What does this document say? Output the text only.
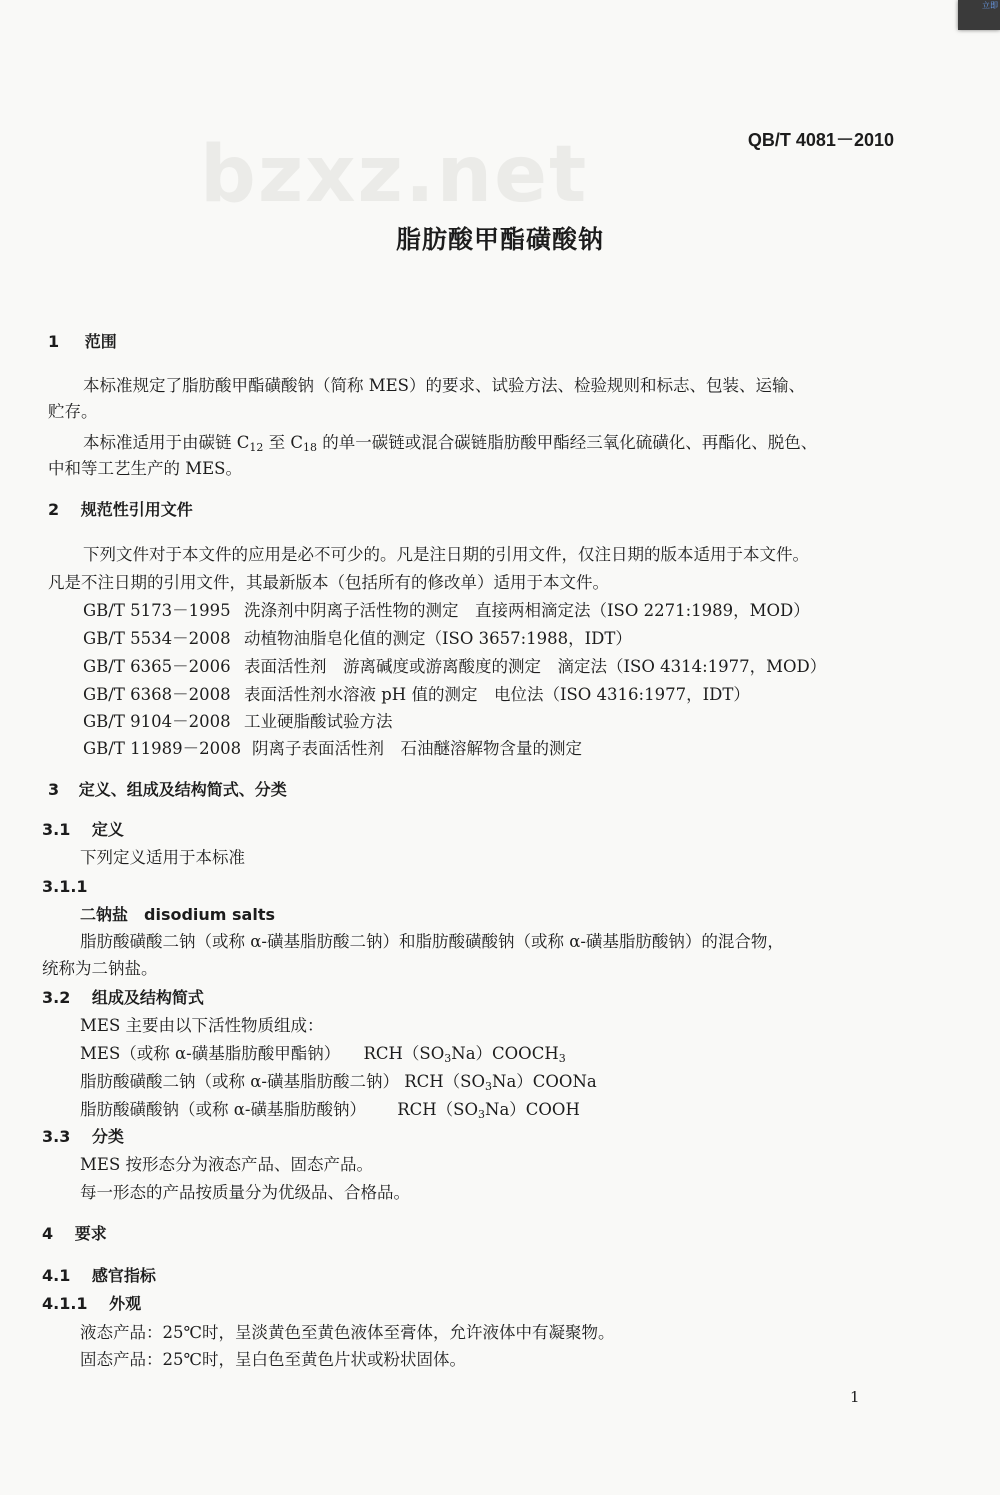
立即
bzxz.net	QB/T 4081－2010
脂肪酸甲酯磺酸钠
1 范围
本标准规定了脂肪酸甲酯磺酸钠（简称 MES）的要求、试验方法、检验规则和标志、包装、运输、
贮存。
本标准适用于由碳链 $C_{12}$ 至 $C_{18}$ 的单一碳链或混合碳链脂肪酸甲酯经三氧化硫磺化、再酯化、脱色、
中和等工艺生产的 MES。
2 规范性引用文件
下列文件对于本文件的应用是必不可少的。凡是注日期的引用文件，仅注日期的版本适用于本文件。
凡是不注日期的引用文件，其最新版本（包括所有的修改单）适用于本文件。
GB/T 5173－1995 洗涤剂中阴离子活性物的测定　直接两相滴定法（ISO 2271:1989，MOD）
GB/T 5534－2008 动植物油脂皂化值的测定（ISO 3657:1988，IDT）
GB/T 6365－2006 表面活性剂　游离碱度或游离酸度的测定　滴定法（ISO 4314:1977，MOD）
GB/T 6368－2008 表面活性剂水溶液 pH 值的测定　电位法（ISO 4316:1977，IDT）
GB/T 9104－2008 工业硬脂酸试验方法
GB/T 11989－2008 阴离子表面活性剂　石油醚溶解物含量的测定
3 定义、组成及结构简式、分类
3.1 定义
下列定义适用于本标准
3.1.1
二钠盐　disodium salts
脂肪酸磺酸二钠（或称 α-磺基脂肪酸二钠）和脂肪酸磺酸钠（或称 α-磺基脂肪酸钠）的混合物，
统称为二钠盐。
3.2 组成及结构简式
MES 主要由以下活性物质组成：
MES（或称 α-磺基脂肪酸甲酯钠） $RCH(SO_3Na)COOCH_3$
脂肪酸磺酸二钠（或称 α-磺基脂肪酸二钠） $RCH(SO_3Na)COONa$
脂肪酸磺酸钠（或称 α-磺基脂肪酸钠） $RCH(SO_3Na)COOH$
3.3 分类
MES 按形态分为液态产品、固态产品。
每一形态的产品按质量分为优级品、合格品。
4 要求
4.1 感官指标
4.1.1 外观
液态产品：25℃时，呈淡黄色至黄色液体至膏体，允许液体中有凝聚物。
固态产品：25℃时，呈白色至黄色片状或粉状固体。
1
